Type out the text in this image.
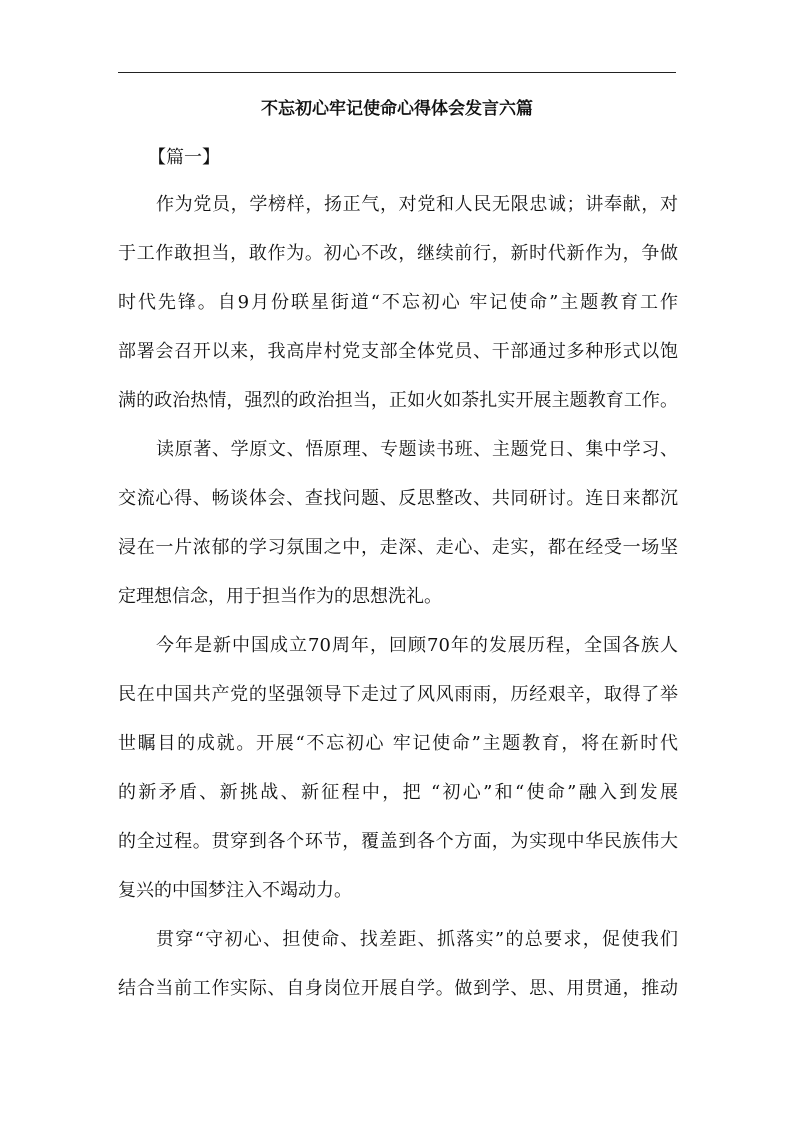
不忘初心牢记使命心得体会发言六篇
【篇一】

作为党员，学榜样，扬正气，对党和人民无限忠诚；讲奉献，对

于工作敢担当，敢作为。初心不改，继续前行，新时代新作为，争做

时代先锋。自9月份联星街道“不忘初心 牢记使命”主题教育工作

部署会召开以来，我高岸村党支部全体党员、干部通过多种形式以饱

满的政治热情，强烈的政治担当，正如火如荼扎实开展主题教育工作。

读原著、学原文、悟原理、专题读书班、主题党日、集中学习、

交流心得、畅谈体会、查找问题、反思整改、共同研讨。连日来都沉

浸在一片浓郁的学习氛围之中，走深、走心、走实，都在经受一场坚

定理想信念，用于担当作为的思想洗礼。

今年是新中国成立70周年，回顾70年的发展历程，全国各族人

民在中国共产党的坚强领导下走过了风风雨雨，历经艰辛，取得了举

世瞩目的成就。开展“不忘初心 牢记使命”主题教育，将在新时代

的新矛盾、新挑战、新征程中，把 “初心”和“使命”融入到发展

的全过程。贯穿到各个环节，覆盖到各个方面，为实现中华民族伟大

复兴的中国梦注入不竭动力。

贯穿“守初心、担使命、找差距、抓落实”的总要求，促使我们

结合当前工作实际、自身岗位开展自学。做到学、思、用贯通，推动
